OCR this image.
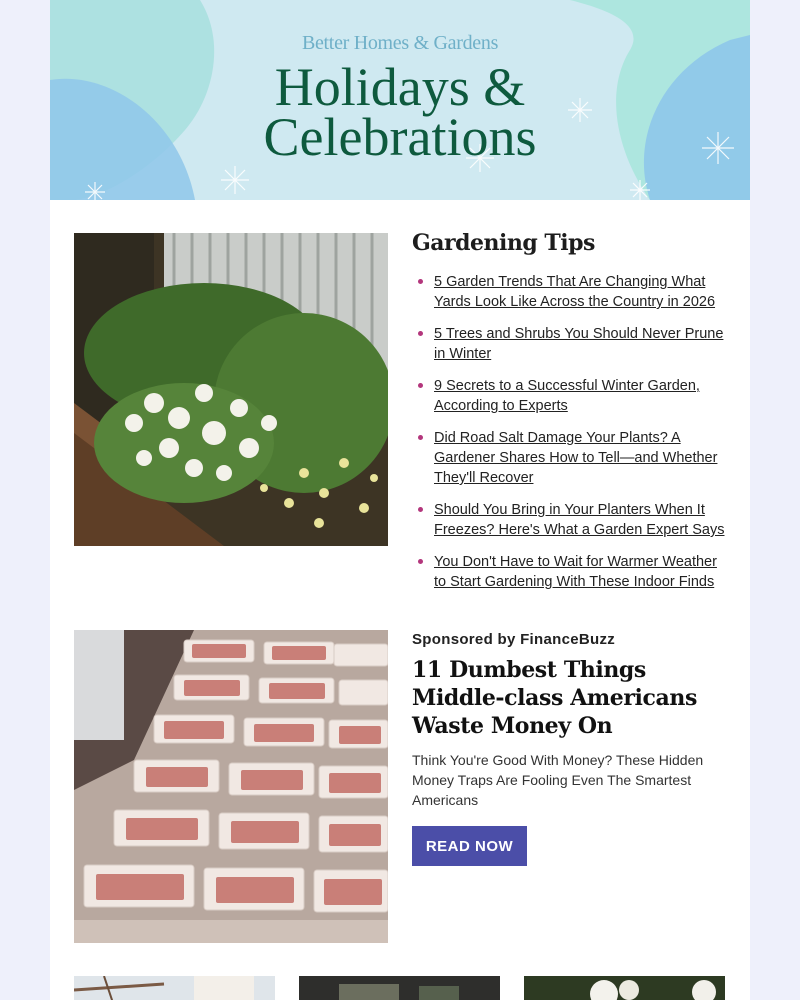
Better Homes & Gardens
Holidays &
Celebrations
Gardening Tips
5 Garden Trends That Are Changing What Yards Look Like Across the Country in 2026
5 Trees and Shrubs You Should Never Prune in Winter
9 Secrets to a Successful Winter Garden, According to Experts
Did Road Salt Damage Your Plants? A Gardener Shares How to Tell—and Whether They'll Recover
Should You Bring in Your Planters When It Freezes? Here's What a Garden Expert Says
You Don't Have to Wait for Warmer Weather to Start Gardening With These Indoor Finds
Sponsored by FinanceBuzz
11 Dumbest Things Middle-class Americans Waste Money On
Think You're Good With Money? These Hidden Money Traps Are Fooling Even The Smartest Americans
READ NOW
